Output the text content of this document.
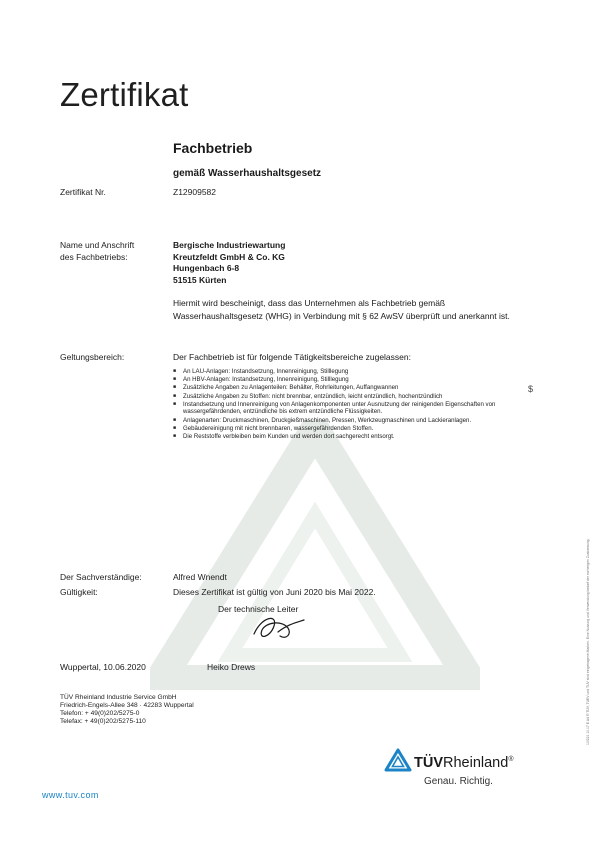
Zertifikat
Fachbetrieb
gemäß Wasserhaushaltsgesetz
Zertifikat Nr.	Z12909582
Name und Anschrift
des Fachbetriebs:
Bergische Industriewartung
Kreutzfeldt GmbH & Co. KG
Hungenbach 6-8
51515 Kürten
Hiermit wird bescheinigt, dass das Unternehmen als Fachbetrieb gemäß Wasserhaushaltsgesetz (WHG) in Verbindung mit § 62 AwSV überprüft und anerkannt ist.
Geltungsbereich:	Der Fachbetrieb ist für folgende Tätigkeitsbereiche zugelassen:
■ An LAU-Anlagen: Instandsetzung, Innenreinigung, Stilllegung
■ An HBV-Anlagen: Instandsetzung, Innenreinigung, Stilllegung
■ Zusätzliche Angaben zu Anlagenteilen: Behälter, Rohrleitungen, Auffangwannen
■ Zusätzliche Angaben zu Stoffen: nicht brennbar, entzündlich, leicht entzündlich, hochentzündlich
■ Instandsetzung und Innenreinigung von Anlagenkomponenten unter Ausnutzung der reinigenden Eigenschaften von wassergefährdenden, entzündliche bis extrem entzündliche Flüssigkeiten.
■ Anlagenarten: Druckmaschinen, Druckgießmaschinen, Pressen, Werkzeugmaschinen und Lackieranlagen.
■ Gebäudereinigung mit nicht brennbaren, wassergefährdenden Stoffen.
■ Die Reststoffe verbleiben beim Kunden und werden dort sachgerecht entsorgt.
$
Der Sachverständige:	Alfred Wnendt
Gültigkeit:	Dieses Zertifikat ist gültig von Juni 2020 bis Mai 2022.
Der technische Leiter
Wuppertal, 10.06.2020	Heiko Drews
TÜV Rheinland Industrie Service GmbH
Friedrich-Engels-Allee 348 · 42283 Wuppertal
Telefon: + 49(0)202/5275-0
Telefax: + 49(0)202/5275-110	10/221 10.17 E A4 ® TÜV, TUEV und TUV sind eingetragene Marken. Eine Nutzung und Verwendung bedarf der vorherigen Zustimmung.
www.tuv.com
TÜVRheinland®
Genau. Richtig.
